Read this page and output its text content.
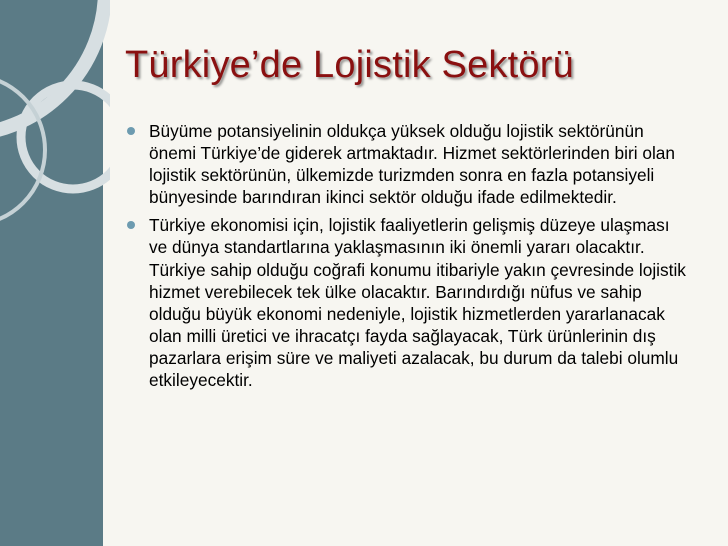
Türkiye’de Lojistik Sektörü
Büyüme potansiyelinin oldukça yüksek olduğu lojistik sektörünün önemi Türkiye’de giderek artmaktadır. Hizmet sektörlerinden biri olan lojistik sektörünün, ülkemizde turizmden sonra en fazla potansiyeli bünyesinde barındıran ikinci sektör olduğu ifade edilmektedir.
Türkiye ekonomisi için, lojistik faaliyetlerin gelişmiş düzeye ulaşması ve dünya standartlarına yaklaşmasının iki önemli yararı olacaktır. Türkiye sahip olduğu coğrafi konumu itibariyle yakın çevresinde lojistik hizmet verebilecek tek ülke olacaktır. Barındırdığı nüfus ve sahip olduğu büyük ekonomi nedeniyle, lojistik hizmetlerden yararlanacak olan milli üretici ve ihracatçı fayda sağlayacak, Türk ürünlerinin dış pazarlara erişim süre ve maliyeti azalacak, bu durum da talebi olumlu etkileyecektir.
